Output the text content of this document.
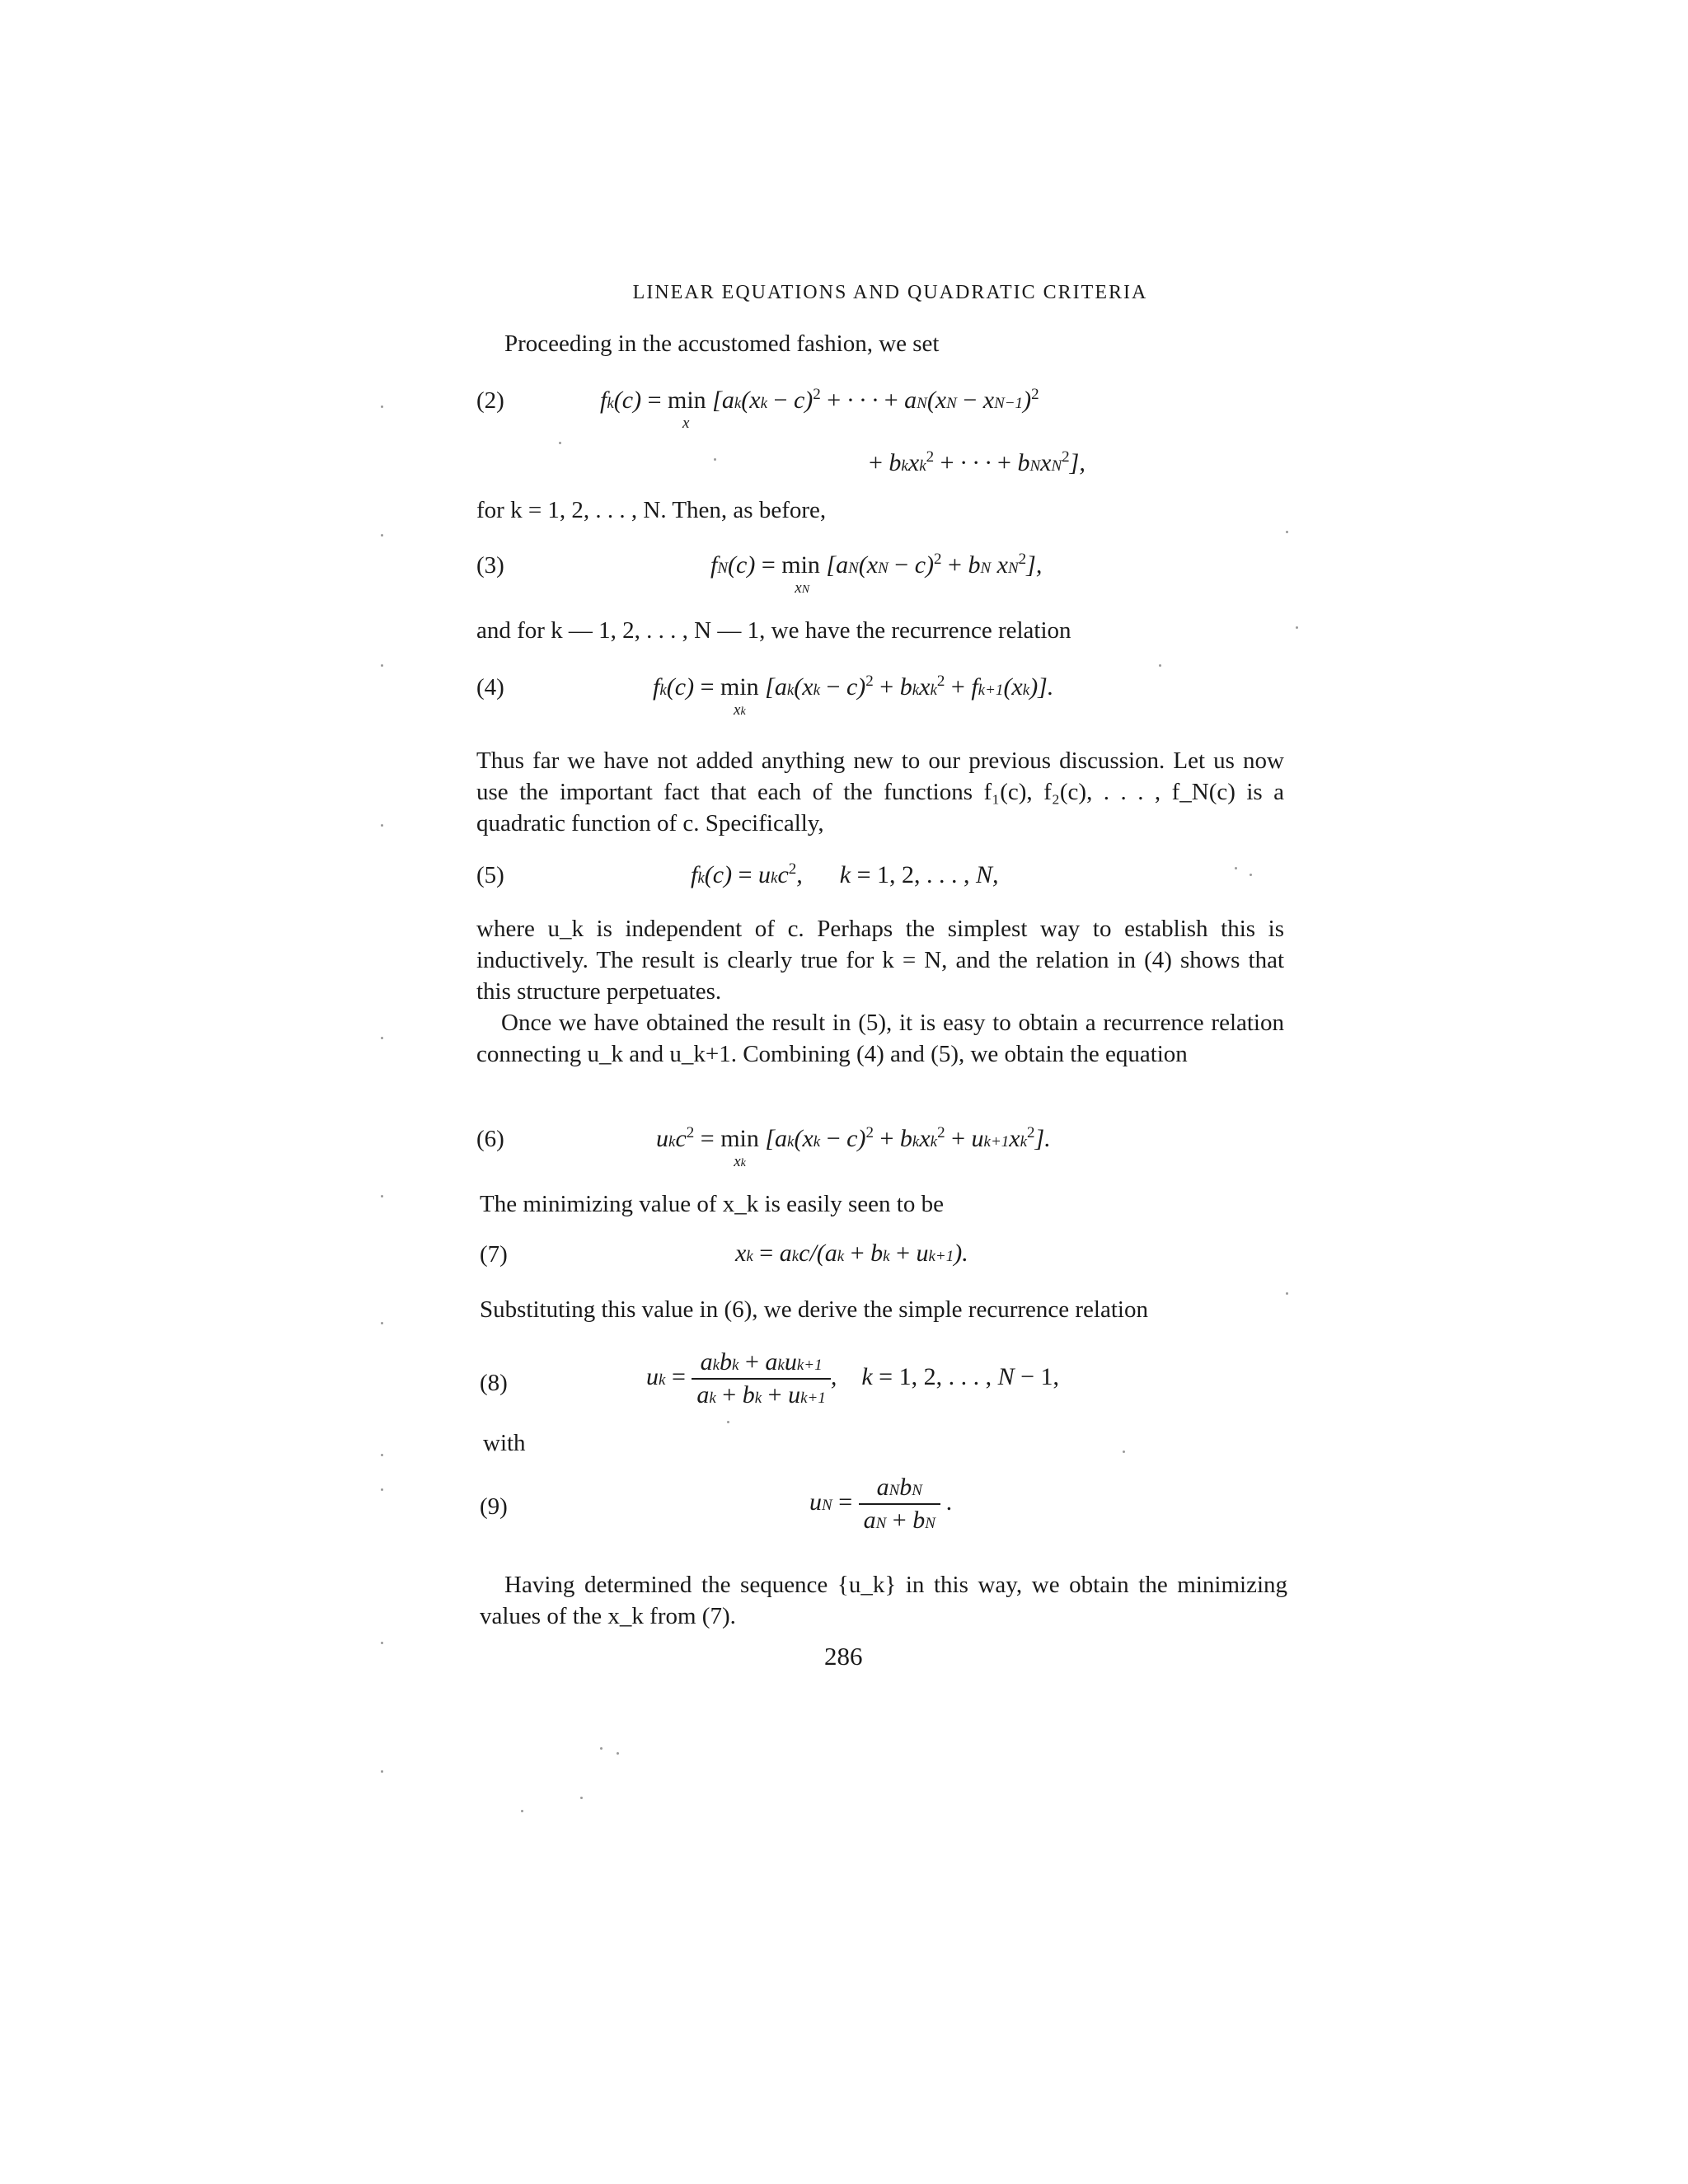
LINEAR EQUATIONS AND QUADRATIC CRITERIA
Proceeding in the accustomed fashion, we set
(2)	fk(c) = min
x
[ak(xk − c)$^2$ + · · · + aN(xN − xN−1)$^2$
+ bkxk$^2$ + · · · + bNxN$^2$],
for k = 1, 2, . . . , N. Then, as before,
(3)	fN(c) = min
xN
[aN(xN − c)$^2$ + bN $xN^2$],
and for k — 1, 2, . . . , N — 1, we have the recurrence relation
(4)	fk(c) = min
xk
[ak(xk − c)$^2$ + bkxk$^2$ + fk+1(xk)].
Thus far we have not added anything new to our previous discussion. Let us now use the important fact that each of the functions f₁(c), f₂(c), . . . , f_N(c) is a quadratic function of c. Specifically,
(5)	fk(c) = ukc$^2$,      k = 1, 2, . . . , N,
where u_k is independent of c. Perhaps the simplest way to establish this is inductively. The result is clearly true for k = N, and the relation in (4) shows that this structure perpetuates.
Once we have obtained the result in (5), it is easy to obtain a recurrence relation connecting u_k and u_k+1. Combining (4) and (5), we obtain the equation
(6)	ukc$^2$ = min
xk
[ak(xk − c)$^2$ + bkxk$^2$ + $uk+1xk^2$].
The minimizing value of x_k is easily seen to be
(7)	xk = akc/(ak + bk + uk+1).
Substituting this value in (6), we derive the simple recurrence relation
(8)	uk = $\frac{\text{akbk + akuk+1}}{ak + bk + uk+1}$ ,    k = 1, 2, . . . , N − 1,
with
(9)	uN = $\frac{\text{aNbN}}{aN + bN}$ .
Having determined the sequence {u_k} in this way, we obtain the minimizing values of the x_k from (7).
286
